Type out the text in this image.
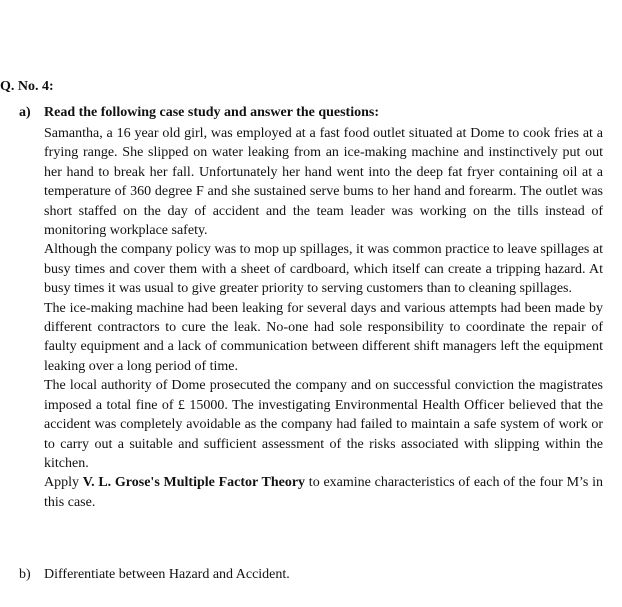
Q. No. 4:
a) Read the following case study and answer the questions:

Samantha, a 16 year old girl, was employed at a fast food outlet situated at Dome to cook fries at a frying range. She slipped on water leaking from an ice-making machine and instinctively put out her hand to break her fall. Unfortunately her hand went into the deep fat fryer containing oil at a temperature of 360 degree F and she sustained serve bums to her hand and forearm. The outlet was short staffed on the day of accident and the team leader was working on the tills instead of monitoring workplace safety.

Although the company policy was to mop up spillages, it was common practice to leave spillages at busy times and cover them with a sheet of cardboard, which itself can create a tripping hazard. At busy times it was usual to give greater priority to serving customers than to cleaning spillages.

The ice-making machine had been leaking for several days and various attempts had been made by different contractors to cure the leak. No-one had sole responsibility to coordinate the repair of faulty equipment and a lack of communication between different shift managers left the equipment leaking over a long period of time.

The local authority of Dome prosecuted the company and on successful conviction the magistrates imposed a total fine of £ 15000. The investigating Environmental Health Officer believed that the accident was completely avoidable as the company had failed to maintain a safe system of work or to carry out a suitable and sufficient assessment of the risks associated with slipping within the kitchen.

Apply V. L. Grose's Multiple Factor Theory to examine characteristics of each of the four M’s in this case.

b) Differentiate between Hazard and Accident.
